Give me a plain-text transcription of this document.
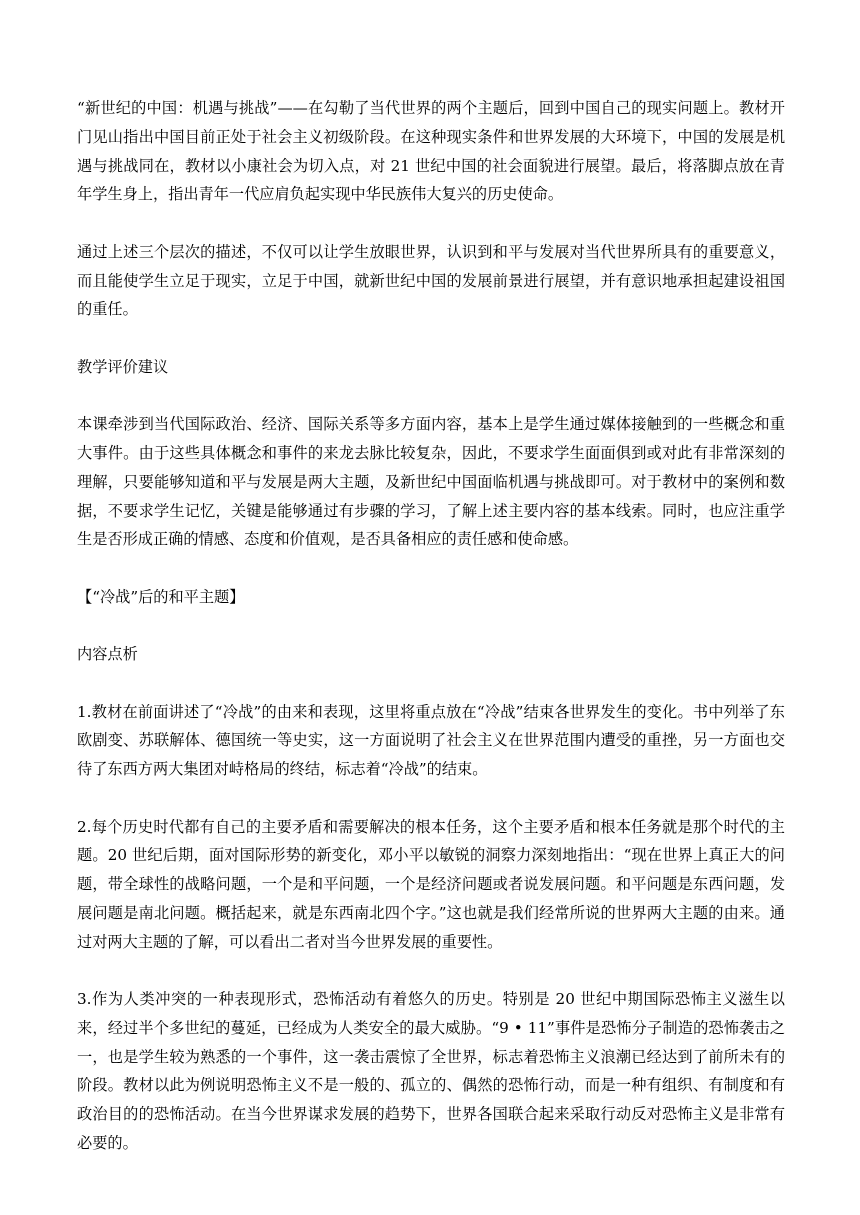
“新世纪的中国：机遇与挑战”——在勾勒了当代世界的两个主题后，回到中国自己的现实问题上。教材开门见山指出中国目前正处于社会主义初级阶段。在这种现实条件和世界发展的大环境下，中国的发展是机遇与挑战同在，教材以小康社会为切入点，对 21 世纪中国的社会面貌进行展望。最后，将落脚点放在青年学生身上，指出青年一代应肩负起实现中华民族伟大复兴的历史使命。

通过上述三个层次的描述，不仅可以让学生放眼世界，认识到和平与发展对当代世界所具有的重要意义，而且能使学生立足于现实，立足于中国，就新世纪中国的发展前景进行展望，并有意识地承担起建设祖国的重任。

教学评价建议

本课牵涉到当代国际政治、经济、国际关系等多方面内容，基本上是学生通过媒体接触到的一些概念和重大事件。由于这些具体概念和事件的来龙去脉比较复杂，因此，不要求学生面面俱到或对此有非常深刻的理解，只要能够知道和平与发展是两大主题，及新世纪中国面临机遇与挑战即可。对于教材中的案例和数据，不要求学生记忆，关键是能够通过有步骤的学习，了解上述主要内容的基本线索。同时，也应注重学生是否形成正确的情感、态度和价值观，是否具备相应的责任感和使命感。

【“冷战”后的和平主题】

内容点析

1.教材在前面讲述了“冷战”的由来和表现，这里将重点放在“冷战”结束各世界发生的变化。书中列举了东欧剧变、苏联解体、德国统一等史实，这一方面说明了社会主义在世界范围内遭受的重挫，另一方面也交待了东西方两大集团对峙格局的终结，标志着“冷战”的结束。

2.每个历史时代都有自己的主要矛盾和需要解决的根本任务，这个主要矛盾和根本任务就是那个时代的主题。20 世纪后期，面对国际形势的新变化，邓小平以敏锐的洞察力深刻地指出：“现在世界上真正大的问题，带全球性的战略问题，一个是和平问题，一个是经济问题或者说发展问题。和平问题是东西问题，发展问题是南北问题。概括起来，就是东西南北四个字。”这也就是我们经常所说的世界两大主题的由来。通过对两大主题的了解，可以看出二者对当今世界发展的重要性。

3.作为人类冲突的一种表现形式，恐怖活动有着悠久的历史。特别是 20 世纪中期国际恐怖主义滋生以来，经过半个多世纪的蔓延，已经成为人类安全的最大威胁。“9 • 11”事件是恐怖分子制造的恐怖袭击之一，也是学生较为熟悉的一个事件，这一袭击震惊了全世界，标志着恐怖主义浪潮已经达到了前所未有的阶段。教材以此为例说明恐怖主义不是一般的、孤立的、偶然的恐怖行动，而是一种有组织、有制度和有政治目的的恐怖活动。在当今世界谋求发展的趋势下，世界各国联合起来采取行动反对恐怖主义是非常有必要的。
